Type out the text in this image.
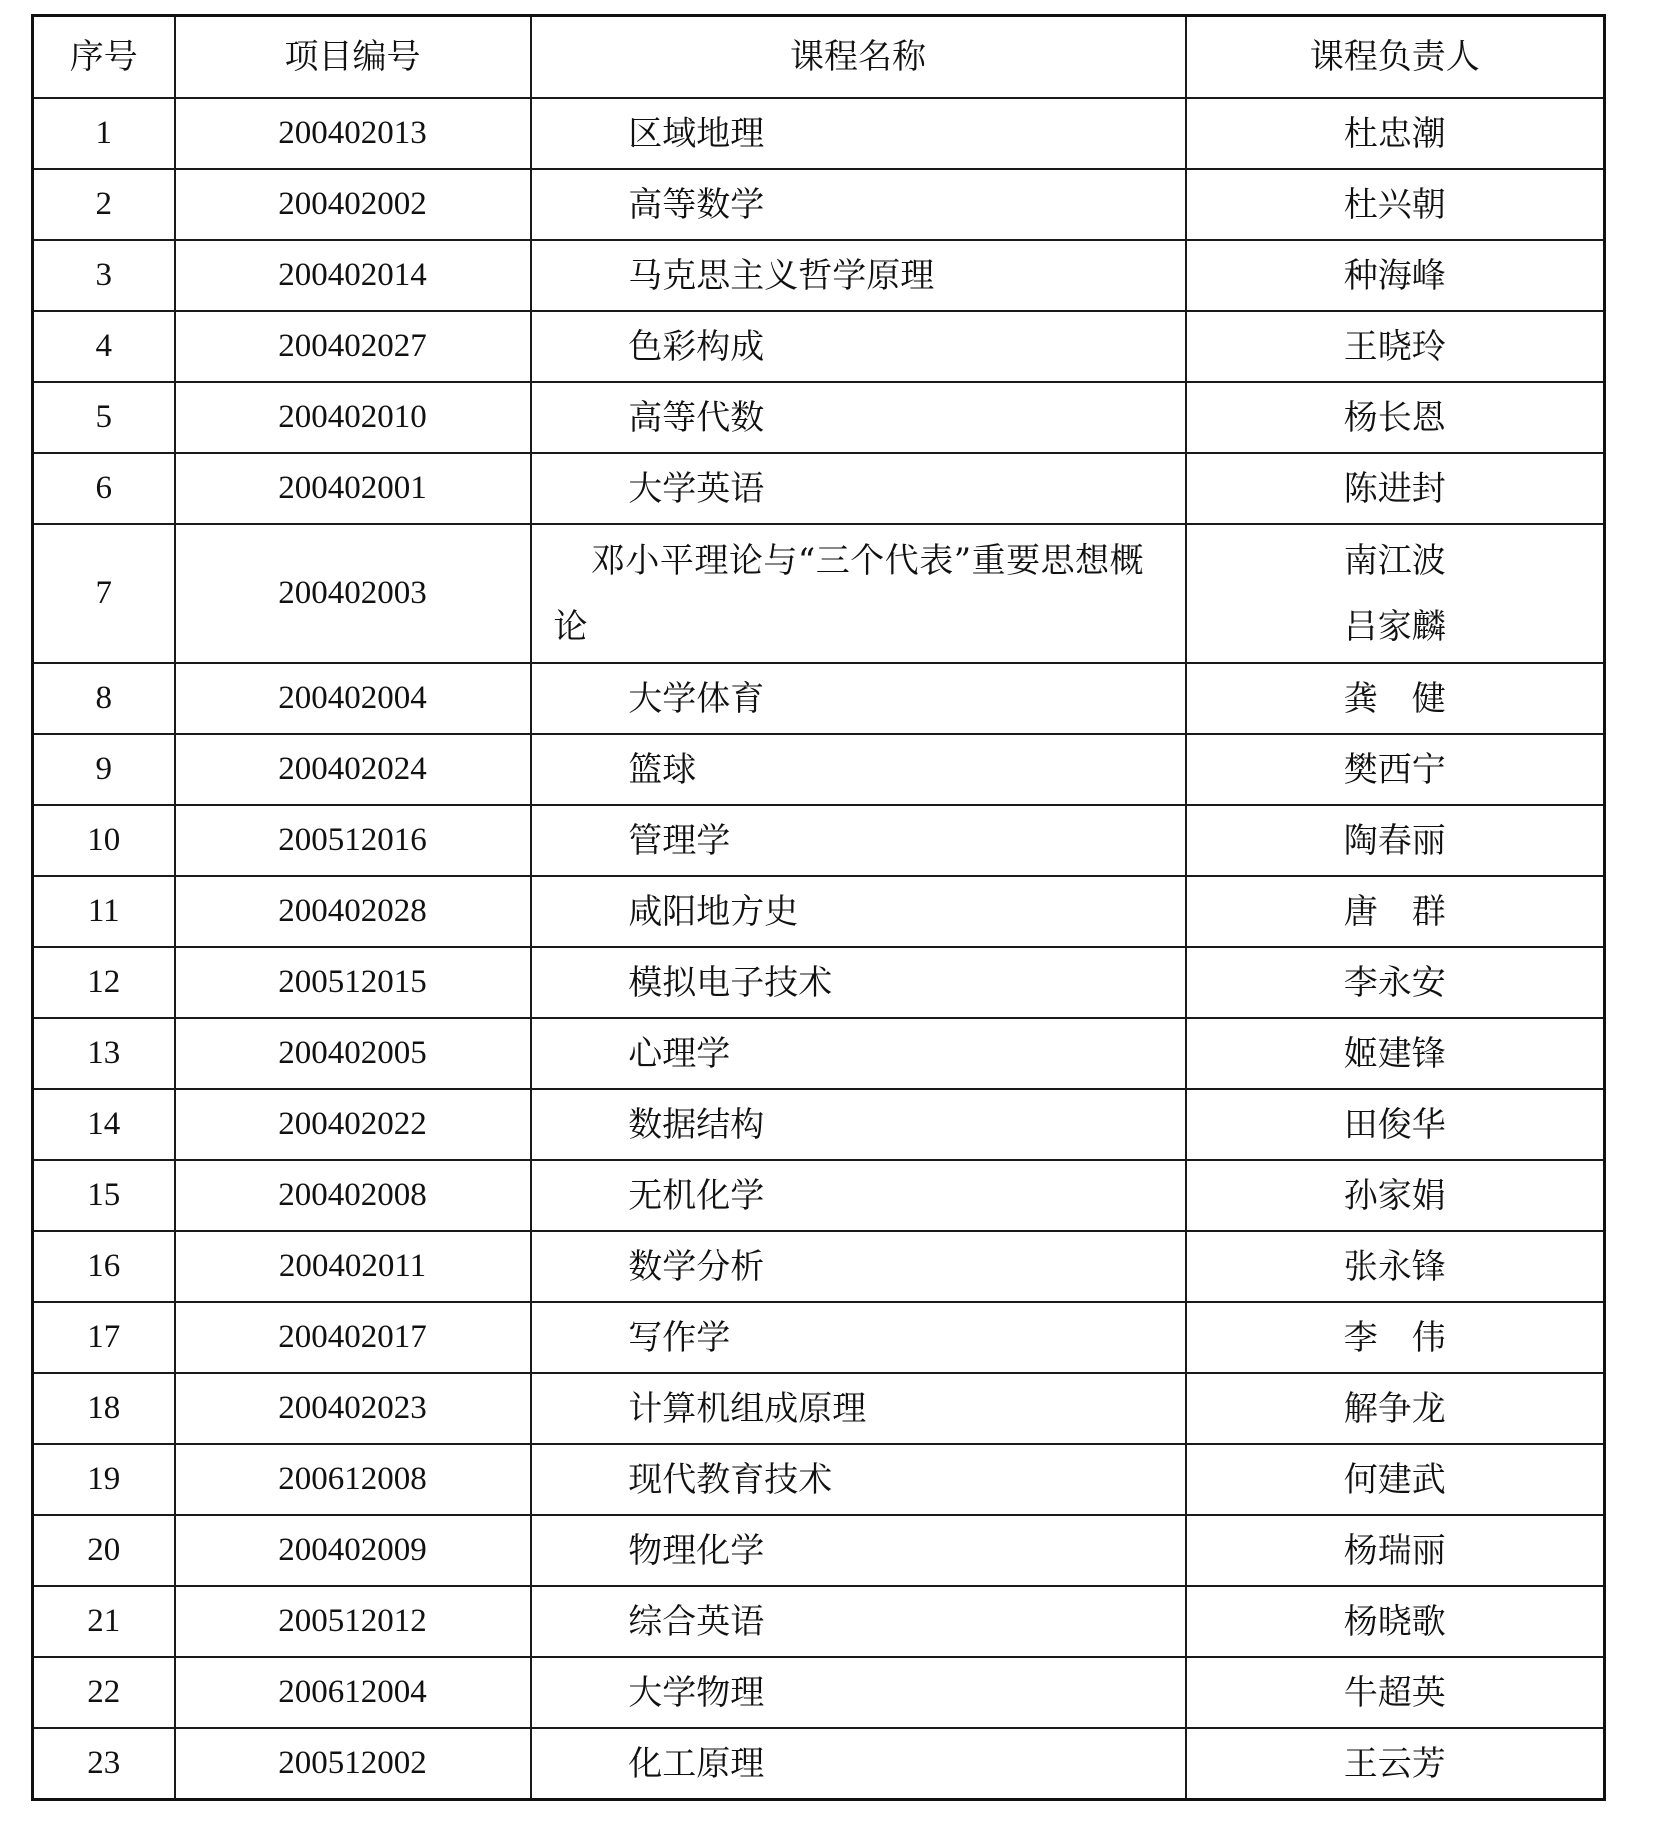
序号	项目编号	课程名称	课程负责人
1	200402013	区域地理	杜忠潮

2	200402002	高等数学	杜兴朝

3	200402014	马克思主义哲学原理	种海峰

4	200402027	色彩构成	王晓玲

5	200402010	高等代数	杨长恩

6	200402001	大学英语	陈进封

7	200402003	邓小平理论与“三个代表”重要思想概论	南江波
吕家麟

8	200402004	大学体育	龚　健

9	200402024	篮球	樊西宁

10	200512016	管理学	陶春丽

11	200402028	咸阳地方史	唐　群

12	200512015	模拟电子技术	李永安

13	200402005	心理学	姬建锋

14	200402022	数据结构	田俊华

15	200402008	无机化学	孙家娟

16	200402011	数学分析	张永锋

17	200402017	写作学	李　伟

18	200402023	计算机组成原理	解争龙

19	200612008	现代教育技术	何建武

20	200402009	物理化学	杨瑞丽

21	200512012	综合英语	杨晓歌

22	200612004	大学物理	牛超英

23	200512002	化工原理	王云芳
